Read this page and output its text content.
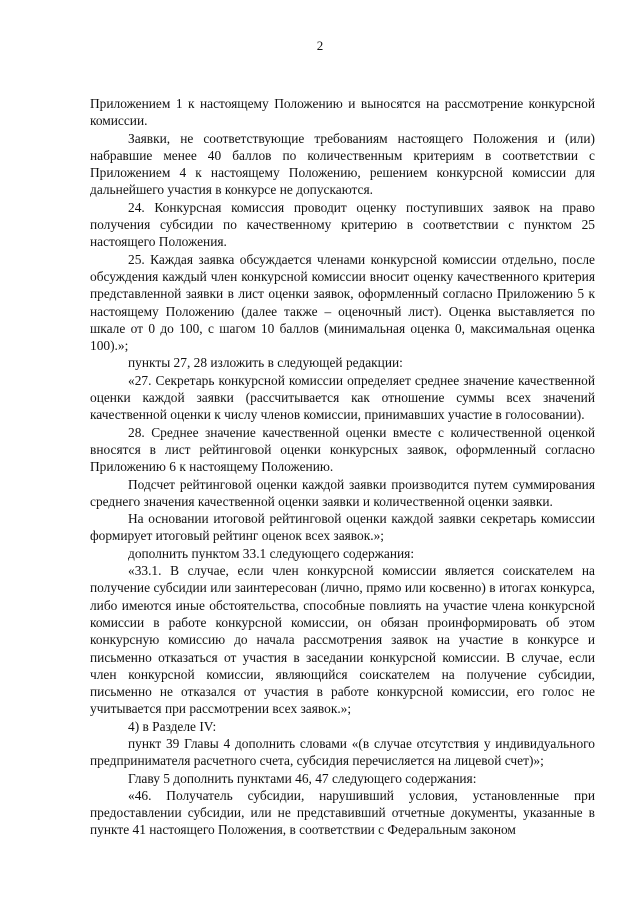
2

Приложением 1 к настоящему Положению и выносятся на рассмотрение конкурсной комиссии.

Заявки, не соответствующие требованиям настоящего Положения и (или) набравшие менее 40 баллов по количественным критериям в соответствии с Приложением 4 к настоящему Положению, решением конкурсной комиссии для дальнейшего участия в конкурсе не допускаются.

24. Конкурсная комиссия проводит оценку поступивших заявок на право получения субсидии по качественному критерию в соответствии с пунктом 25 настоящего Положения.

25. Каждая заявка обсуждается членами конкурсной комиссии отдельно, после обсуждения каждый член конкурсной комиссии вносит оценку качественного критерия представленной заявки в лист оценки заявок, оформленный согласно Приложению 5 к настоящему Положению (далее также – оценочный лист). Оценка выставляется по шкале от 0 до 100, с шагом 10 баллов (минимальная оценка 0, максимальная оценка 100).»;

пункты 27, 28 изложить в следующей редакции:

«27. Секретарь конкурсной комиссии определяет среднее значение качественной оценки каждой заявки (рассчитывается как отношение суммы всех значений качественной оценки к числу членов комиссии, принимавших участие в голосовании).

28. Среднее значение качественной оценки вместе с количественной оценкой вносятся в лист рейтинговой оценки конкурсных заявок, оформленный согласно Приложению 6 к настоящему Положению.

Подсчет рейтинговой оценки каждой заявки производится путем суммирования среднего значения качественной оценки заявки и количественной оценки заявки.

На основании итоговой рейтинговой оценки каждой заявки секретарь комиссии формирует итоговый рейтинг оценок всех заявок.»;

дополнить пунктом 33.1 следующего содержания:

«33.1. В случае, если член конкурсной комиссии является соискателем на получение субсидии или заинтересован (лично, прямо или косвенно) в итогах конкурса, либо имеются иные обстоятельства, способные повлиять на участие члена конкурсной комиссии в работе конкурсной комиссии, он обязан проинформировать об этом конкурсную комиссию до начала рассмотрения заявок на участие в конкурсе и письменно отказаться от участия в заседании конкурсной комиссии. В случае, если член конкурсной комиссии, являющийся соискателем на получение субсидии, письменно не отказался от участия в работе конкурсной комиссии, его голос не учитывается при рассмотрении всех заявок.»;

4) в Разделе IV:

пункт 39 Главы 4 дополнить словами «(в случае отсутствия у индивидуального предпринимателя расчетного счета, субсидия перечисляется на лицевой счет)»;

Главу 5 дополнить пунктами 46, 47 следующего содержания:

«46. Получатель субсидии, нарушивший условия, установленные при предоставлении субсидии, или не представивший отчетные документы, указанные в пункте 41 настоящего Положения, в соответствии с Федеральным законом
